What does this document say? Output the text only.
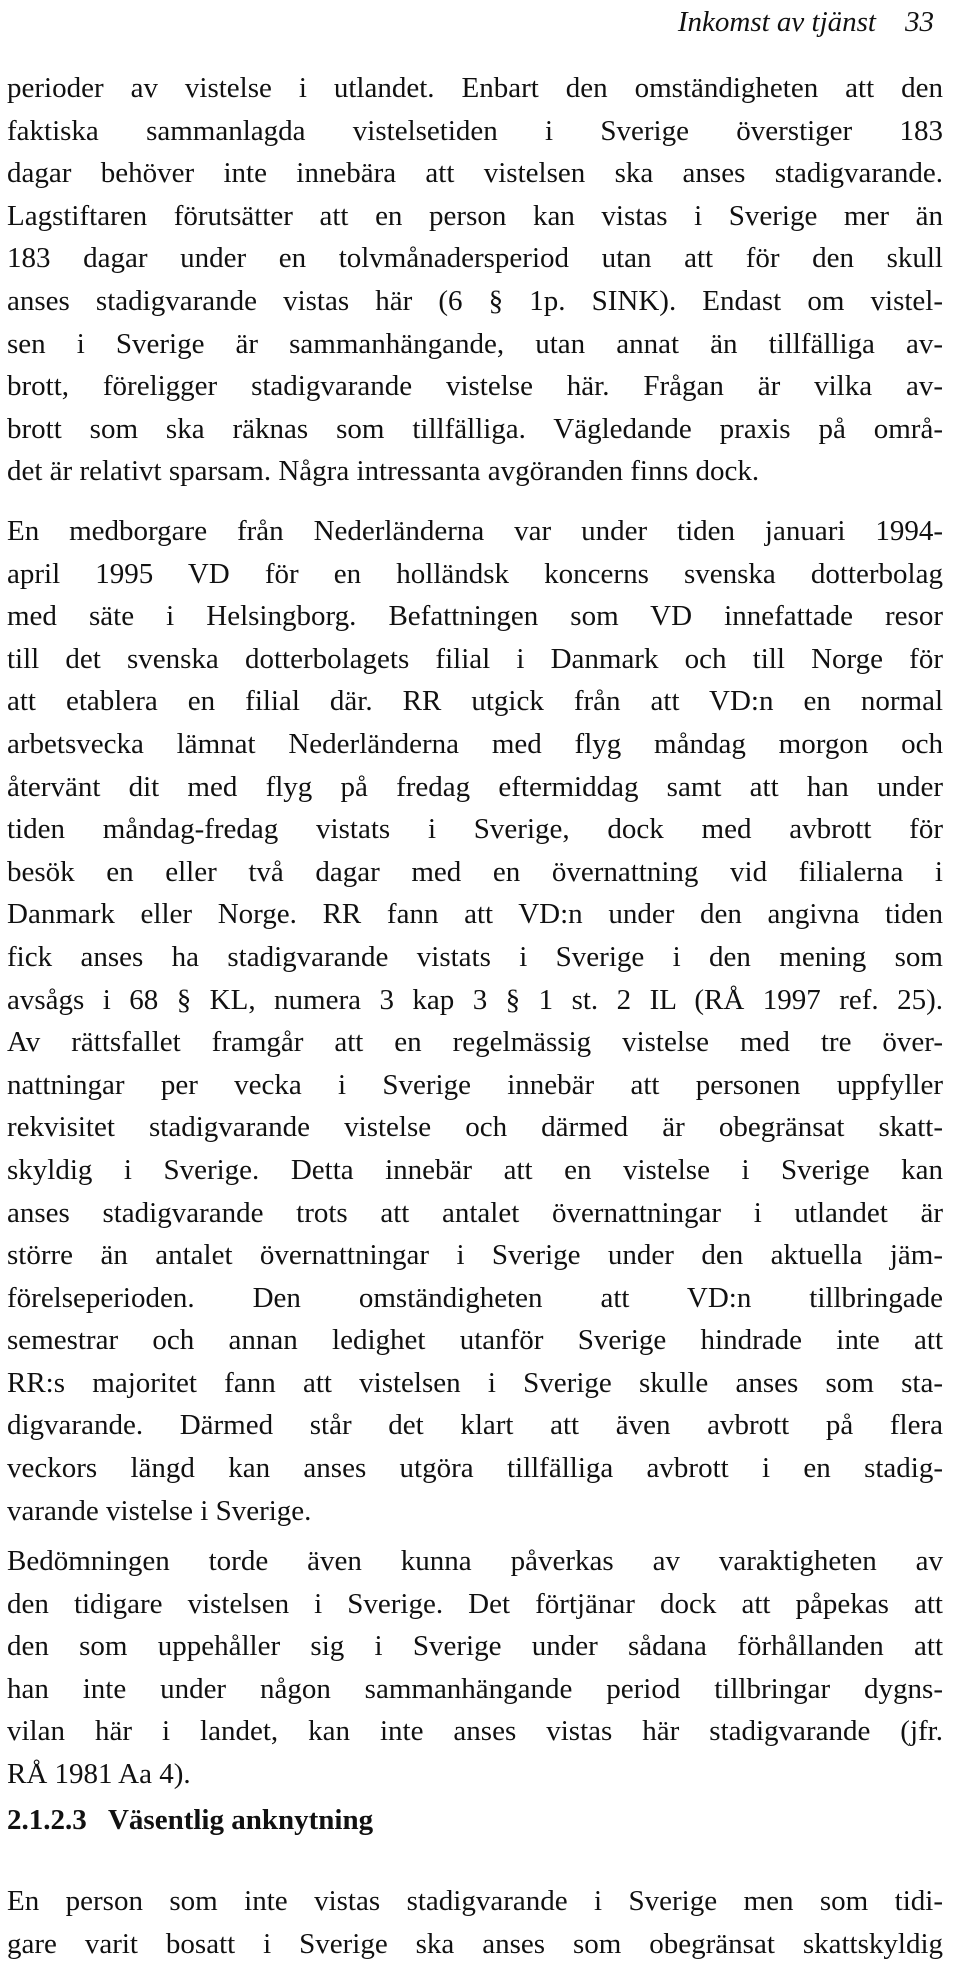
Inkomst av tjänst 33
perioder av vistelse i utlandet. Enbart den omständigheten att den
faktiska sammanlagda vistelsetiden i Sverige överstiger 183
dagar behöver inte innebära att vistelsen ska anses stadigvarande.
Lagstiftaren förutsätter att en person kan vistas i Sverige mer än
183 dagar under en tolvmånadersperiod utan att för den skull
anses stadigvarande vistas här (6 § 1p. SINK). Endast om vistel-
sen i Sverige är sammanhängande, utan annat än tillfälliga av-
brott, föreligger stadigvarande vistelse här. Frågan är vilka av-
brott som ska räknas som tillfälliga. Vägledande praxis på områ-
det är relativt sparsam. Några intressanta avgöranden finns dock.
En medborgare från Nederländerna var under tiden januari 1994-
april 1995 VD för en holländsk koncerns svenska dotterbolag
med säte i Helsingborg. Befattningen som VD innefattade resor
till det svenska dotterbolagets filial i Danmark och till Norge för
att etablera en filial där. RR utgick från att VD:n en normal
arbetsvecka lämnat Nederländerna med flyg måndag morgon och
återvänt dit med flyg på fredag eftermiddag samt att han under
tiden måndag-fredag vistats i Sverige, dock med avbrott för
besök en eller två dagar med en övernattning vid filialerna i
Danmark eller Norge. RR fann att VD:n under den angivna tiden
fick anses ha stadigvarande vistats i Sverige i den mening som
avsågs i 68 § KL, numera 3 kap 3 § 1 st. 2 IL (RÅ 1997 ref. 25).
Av rättsfallet framgår att en regelmässig vistelse med tre över-
nattningar per vecka i Sverige innebär att personen uppfyller
rekvisitet stadigvarande vistelse och därmed är obegränsat skatt-
skyldig i Sverige. Detta innebär att en vistelse i Sverige kan
anses stadigvarande trots att antalet övernattningar i utlandet är
större än antalet övernattningar i Sverige under den aktuella jäm-
förelseperioden. Den omständigheten att VD:n tillbringade
semestrar och annan ledighet utanför Sverige hindrade inte att
RR:s majoritet fann att vistelsen i Sverige skulle anses som sta-
digvarande. Därmed står det klart att även avbrott på flera
veckors längd kan anses utgöra tillfälliga avbrott i en stadig-
varande vistelse i Sverige.
Bedömningen torde även kunna påverkas av varaktigheten av
den tidigare vistelsen i Sverige. Det förtjänar dock att påpekas att
den som uppehåller sig i Sverige under sådana förhållanden att
han inte under någon sammanhängande period tillbringar dygns-
vilan här i landet, kan inte anses vistas här stadigvarande (jfr.
RÅ 1981 Aa 4).
2.1.2.3 Väsentlig anknytning
En person som inte vistas stadigvarande i Sverige men som tidi-
gare varit bosatt i Sverige ska anses som obegränsat skattskyldig
